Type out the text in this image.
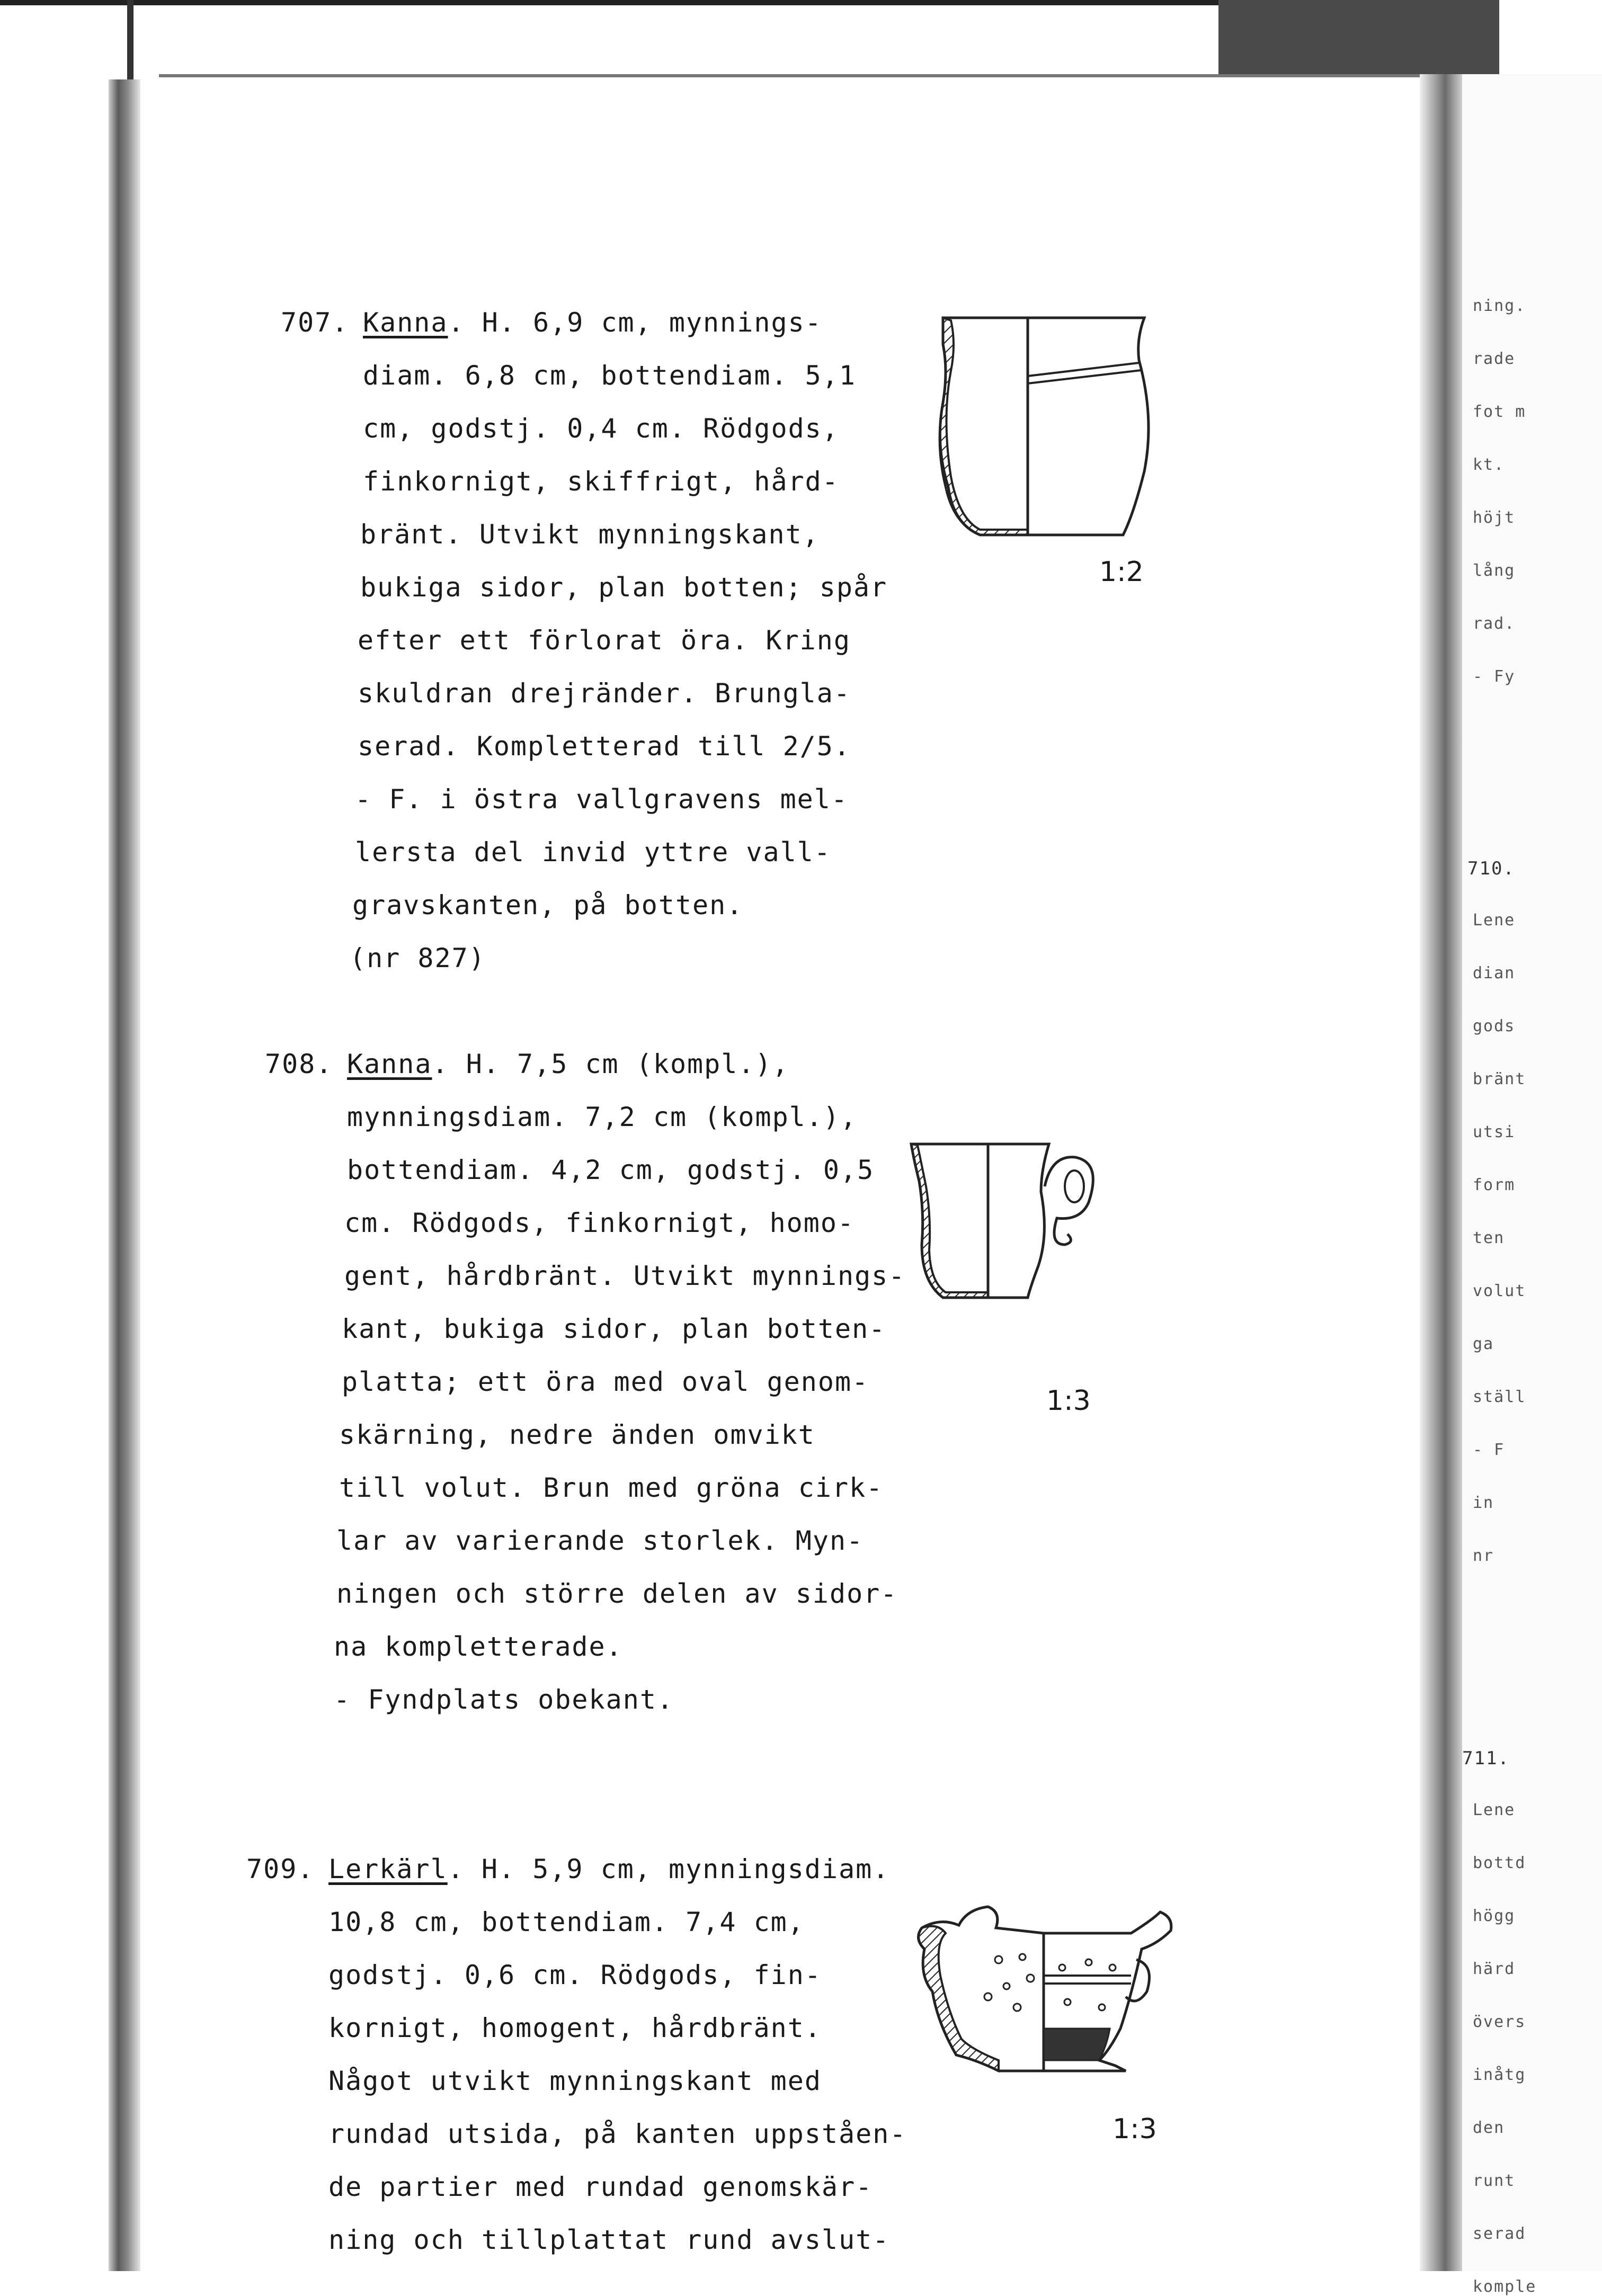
ning.
rade
fot m
kt.
höjt
lång
rad.
- Fy
710.
Lene
dian
gods
bränt
utsi
form
ten
volut
ga
ställ
- F
in
nr
711.
Lene
bottd
högg
härd
övers
inåtg
den
runt
serad
komple
707. Kanna. H. 6,9 cm, mynnings-
diam. 6,8 cm, bottendiam. 5,1
cm, godstj. 0,4 cm. Rödgods,
finkornigt, skiffrigt, hård-
bränt. Utvikt mynningskant,
bukiga sidor, plan botten; spår
efter ett förlorat öra. Kring
skuldran drejränder. Brungla-
serad. Kompletterad till 2/5.
- F. i östra vallgravens mel-
lersta del invid yttre vall-
gravskanten, på botten.
(nr 827)
1:2
708. Kanna. H. 7,5 cm (kompl.),
mynningsdiam. 7,2 cm (kompl.),
bottendiam. 4,2 cm, godstj. 0,5
cm. Rödgods, finkornigt, homo-
gent, hårdbränt. Utvikt mynnings-
kant, bukiga sidor, plan botten-
platta; ett öra med oval genom-
skärning, nedre änden omvikt
till volut. Brun med gröna cirk-
lar av varierande storlek. Myn-
ningen och större delen av sidor-
na kompletterade.
- Fyndplats obekant.
1:3
709. Lerkärl. H. 5,9 cm, mynningsdiam.
10,8 cm, bottendiam. 7,4 cm,
godstj. 0,6 cm. Rödgods, fin-
kornigt, homogent, hårdbränt.
Något utvikt mynningskant med
rundad utsida, på kanten uppståen-
de partier med rundad genomskär-
ning och tillplattat rund avslut-
1:3
